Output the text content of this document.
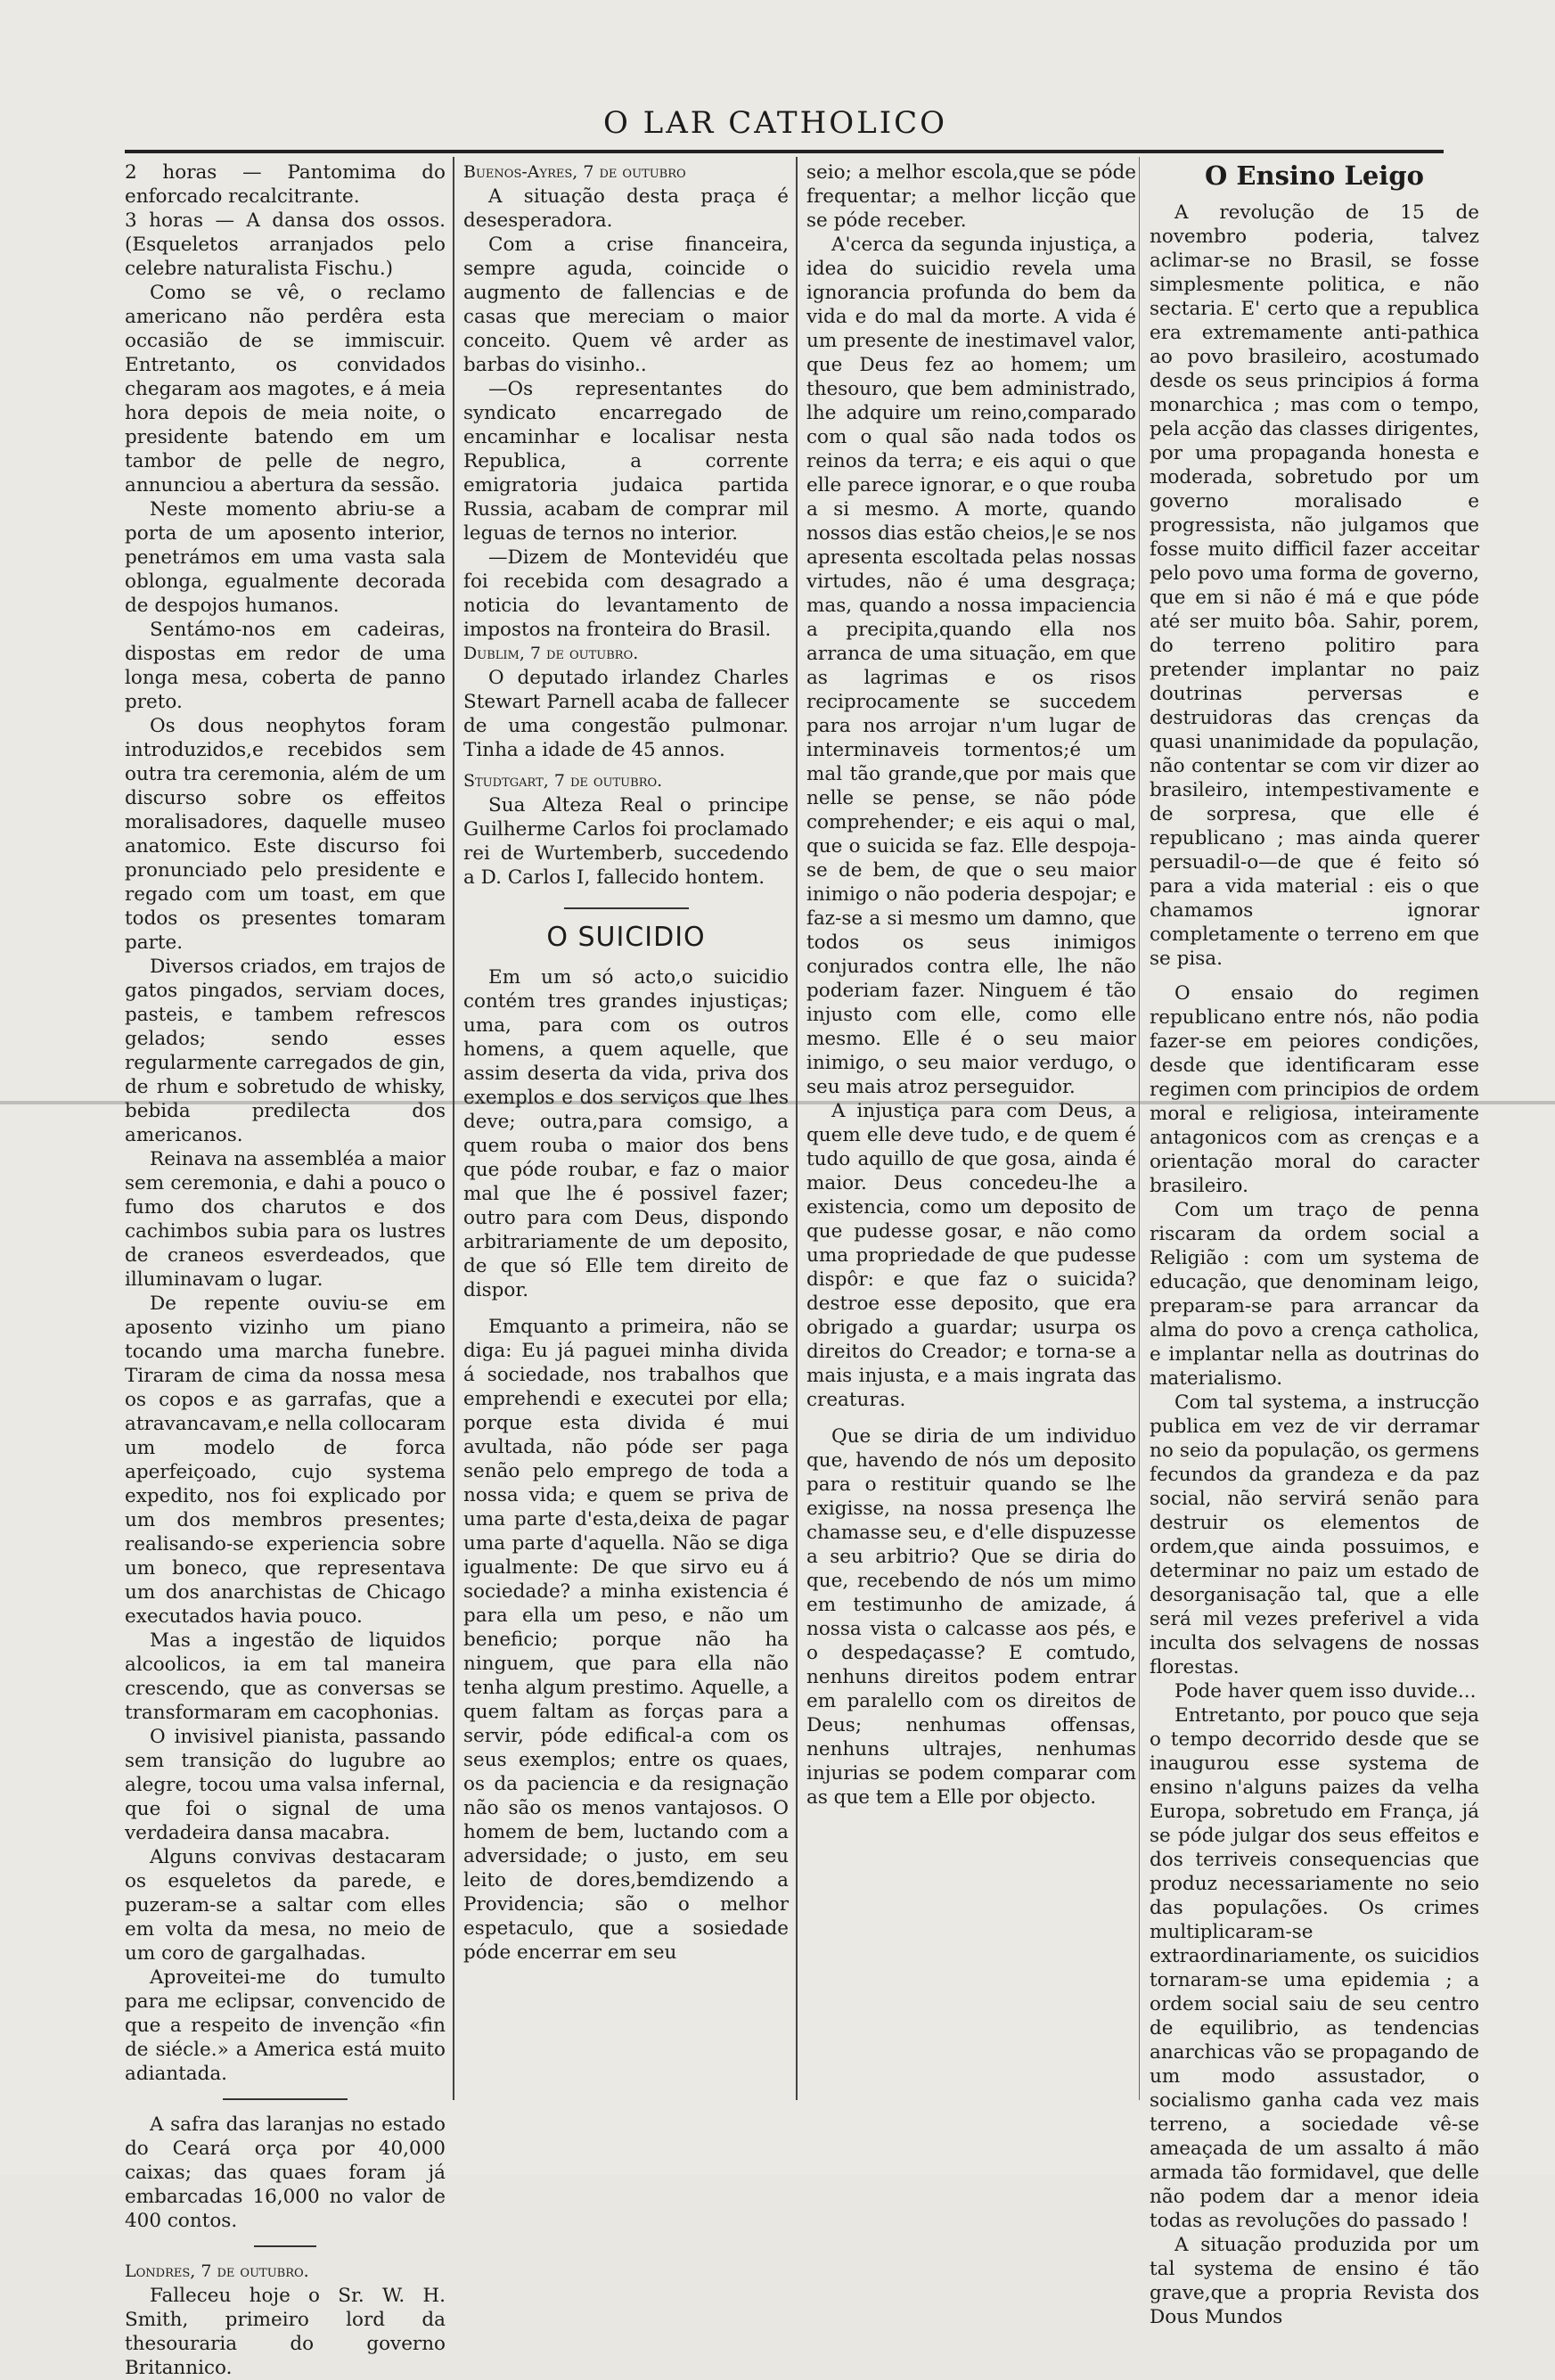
O LAR CATHOLICO

2 horas — Pantomima do enforcado recalcitrante.

3 horas — A dansa dos ossos. (Esqueletos arranjados pelo celebre naturalista Fischu.)

Como se vê, o reclamo americano não perdêra esta occasião de se immiscuir. Entretanto, os convidados chegaram aos magotes, e á meia hora depois de meia noite, o presidente batendo em um tambor de pelle de negro, annunciou a abertura da sessão.

Neste momento abriu-se a porta de um aposento interior, penetrámos em uma vasta sala oblonga, egualmente decorada de despojos humanos.

Sentámo-nos em cadeiras, dispostas em redor de uma longa mesa, coberta de panno preto.

Os dous neophytos foram introduzidos,e recebidos sem outra tra ceremonia, além de um discurso sobre os effeitos moralisadores, daquelle museo anatomico. Este discurso foi pronunciado pelo presidente e regado com um toast, em que todos os presentes tomaram parte.

Diversos criados, em trajos de gatos pingados, serviam doces, pasteis, e tambem refrescos gelados; sendo esses regularmente carregados de gin, de rhum e sobretudo de whisky, bebida predilecta dos americanos.

Reinava na assembléa a maior sem ceremonia, e dahi a pouco o fumo dos charutos e dos cachimbos subia para os lustres de craneos esverdeados, que illuminavam o lugar.

De repente ouviu-se em aposento vizinho um piano tocando uma marcha funebre. Tiraram de cima da nossa mesa os copos e as garrafas, que a atravancavam,e nella collocaram um modelo de forca aperfeiçoado, cujo systema expedito, nos foi explicado por um dos membros presentes; realisando-se experiencia sobre um boneco, que representava um dos anarchistas de Chicago executados havia pouco.

Mas a ingestão de liquidos alcoolicos, ia em tal maneira crescendo, que as conversas se transformaram em cacophonias.

O invisivel pianista, passando sem transição do lugubre ao alegre, tocou uma valsa infernal, que foi o signal de uma verdadeira dansa macabra.

Alguns convivas destacaram os esqueletos da parede, e puzeram-se a saltar com elles em volta da mesa, no meio de um coro de gargalhadas.

Aproveitei-me do tumulto para me eclipsar, convencido de que a respeito de invenção «fin de siécle.» a America está muito adiantada.

A safra das laranjas no estado do Ceará orça por 40,000 caixas; das quaes foram já embarcadas 16,000 no valor de 400 contos.

Londres, 7 de outubro.

Falleceu hoje o Sr. W. H. Smith, primeiro lord da thesouraria do governo Britannico.

Buenos-Ayres, 7 de outubro

A situação desta praça é desesperadora.

Com a crise financeira, sempre aguda, coincide o augmento de fallencias e de casas que mereciam o maior conceito. Quem vê arder as barbas do visinho..

—Os representantes do syndicato encarregado de encaminhar e localisar nesta Republica, a corrente emigratoria judaica partida Russia, acabam de comprar mil leguas de ternos no interior.

—Dizem de Montevidéu que foi recebida com desagrado a noticia do levantamento de impostos na fronteira do Brasil.

Dublim, 7 de outubro.

O deputado irlandez Charles Stewart Parnell acaba de fallecer de uma congestão pulmonar. Tinha a idade de 45 annos.

Studtgart, 7 de outubro.

Sua Alteza Real o principe Guilherme Carlos foi proclamado rei de Wurtemberb, succedendo a D. Carlos I, fallecido hontem.

O SUICIDIO

Em um só acto,o suicidio contém tres grandes injustiças; uma, para com os outros homens, a quem aquelle, que assim deserta da vida, priva dos exemplos e dos serviços que lhes deve; outra,para comsigo, a quem rouba o maior dos bens que póde roubar, e faz o maior mal que lhe é possivel fazer; outro para com Deus, dispondo arbitrariamente de um deposito, de que só Elle tem direito de dispor.

Emquanto a primeira, não se diga: Eu já paguei minha divida á sociedade, nos trabalhos que emprehendi e executei por ella; porque esta divida é mui avultada, não póde ser paga senão pelo emprego de toda a nossa vida; e quem se priva de uma parte d'esta,deixa de pagar uma parte d'aquella. Não se diga igualmente: De que sirvo eu á sociedade? a minha existencia é para ella um peso, e não um beneficio; porque não ha ninguem, que para ella não tenha algum prestimo. Aquelle, a quem faltam as forças para a servir, póde edifical-a com os seus exemplos; entre os quaes, os da paciencia e da resignação não são os menos vantajosos. O homem de bem, luctando com a adversidade; o justo, em seu leito de dores,bemdizendo a Providencia; são o melhor espetaculo, que a sosiedade póde encerrar em seu

seio; a melhor escola,que se póde frequentar; a melhor licção que se póde receber.

A'cerca da segunda injustiça, a idea do suicidio revela uma ignorancia profunda do bem da vida e do mal da morte. A vida é um presente de inestimavel valor, que Deus fez ao homem; um thesouro, que bem administrado, lhe adquire um reino,comparado com o qual são nada todos os reinos da terra; e eis aqui o que elle parece ignorar, e o que rouba a si mesmo. A morte, quando nossos dias estão cheios,|e se nos apresenta escoltada pelas nossas virtudes, não é uma desgraça; mas, quando a nossa impaciencia a precipita,quando ella nos arranca de uma situação, em que as lagrimas e os risos reciprocamente se succedem para nos arrojar n'um lugar de interminaveis tormentos;é um mal tão grande,que por mais que nelle se pense, se não póde comprehender; e eis aqui o mal, que o suicida se faz. Elle despoja-se de bem, de que o seu maior inimigo o não poderia despojar; e faz-se a si mesmo um damno, que todos os seus inimigos conjurados contra elle, lhe não poderiam fazer. Ninguem é tão injusto com elle, como elle mesmo. Elle é o seu maior inimigo, o seu maior verdugo, o seu mais atroz perseguidor.

A injustiça para com Deus, a quem elle deve tudo, e de quem é tudo aquillo de que gosa, ainda é maior. Deus concedeu-lhe a existencia, como um deposito de que pudesse gosar, e não como uma propriedade de que pudesse dispôr: e que faz o suicida? destroe esse deposito, que era obrigado a guardar; usurpa os direitos do Creador; e torna-se a mais injusta, e a mais ingrata das creaturas.

Que se diria de um individuo que, havendo de nós um deposito para o restituir quando se lhe exigisse, na nossa presença lhe chamasse seu, e d'elle dispuzesse a seu arbitrio? Que se diria do que, recebendo de nós um mimo em testimunho de amizade, á nossa vista o calcasse aos pés, e o despedaçasse? E comtudo, nenhuns direitos podem entrar em paralello com os direitos de Deus; nenhumas offensas, nenhuns ultrajes, nenhumas injurias se podem comparar com as que tem a Elle por objecto.

O Ensino Leigo

A revolução de 15 de novembro poderia, talvez aclimar-se no Brasil, se fosse simplesmente politica, e não sectaria. E' certo que a republica era extremamente anti-pathica ao povo brasileiro, acostumado desde os seus principios á forma monarchica ; mas com o tempo, pela acção das classes dirigentes, por uma propaganda honesta e moderada, sobretudo por um governo moralisado e progressista, não julgamos que fosse muito difficil fazer acceitar pelo povo uma forma de governo, que em si não é má e que póde até ser muito bôa. Sahir, porem, do terreno politiro para pretender implantar no paiz doutrinas perversas e destruidoras das crenças da quasi unanimidade da população, não contentar se com vir dizer ao brasileiro, intempestivamente e de sorpresa, que elle é republicano ; mas ainda querer persuadil-o—de que é feito só para a vida material : eis o que chamamos ignorar completamente o terreno em que se pisa.

O ensaio do regimen republicano entre nós, não podia fazer-se em peiores condições, desde que identificaram esse regimen com principios de ordem moral e religiosa, inteiramente antagonicos com as crenças e a orientação moral do caracter brasileiro.

Com um traço de penna riscaram da ordem social a Religião : com um systema de educação, que denominam leigo, preparam-se para arrancar da alma do povo a crença catholica, e implantar nella as doutrinas do materialismo.

Com tal systema, a instrucção publica em vez de vir derramar no seio da população, os germens fecundos da grandeza e da paz social, não servirá senão para destruir os elementos de ordem,que ainda possuimos, e determinar no paiz um estado de desorganisação tal, que a elle será mil vezes preferivel a vida inculta dos selvagens de nossas florestas.

Pode haver quem isso duvide...

Entretanto, por pouco que seja o tempo decorrido desde que se inaugurou esse systema de ensino n'alguns paizes da velha Europa, sobretudo em França, já se póde julgar dos seus effeitos e dos terriveis consequencias que produz necessariamente no seio das populações. Os crimes multiplicaram-se extraordinariamente, os suicidios tornaram-se uma epidemia ; a ordem social saiu de seu centro de equilibrio, as tendencias anarchicas vão se propagando de um modo assustador, o socialismo ganha cada vez mais terreno, a sociedade vê-se ameaçada de um assalto á mão armada tão formidavel, que delle não podem dar a menor ideia todas as revoluções do passado !

A situação produzida por um tal systema de ensino é tão grave,que a propria Revista dos Dous Mundos
